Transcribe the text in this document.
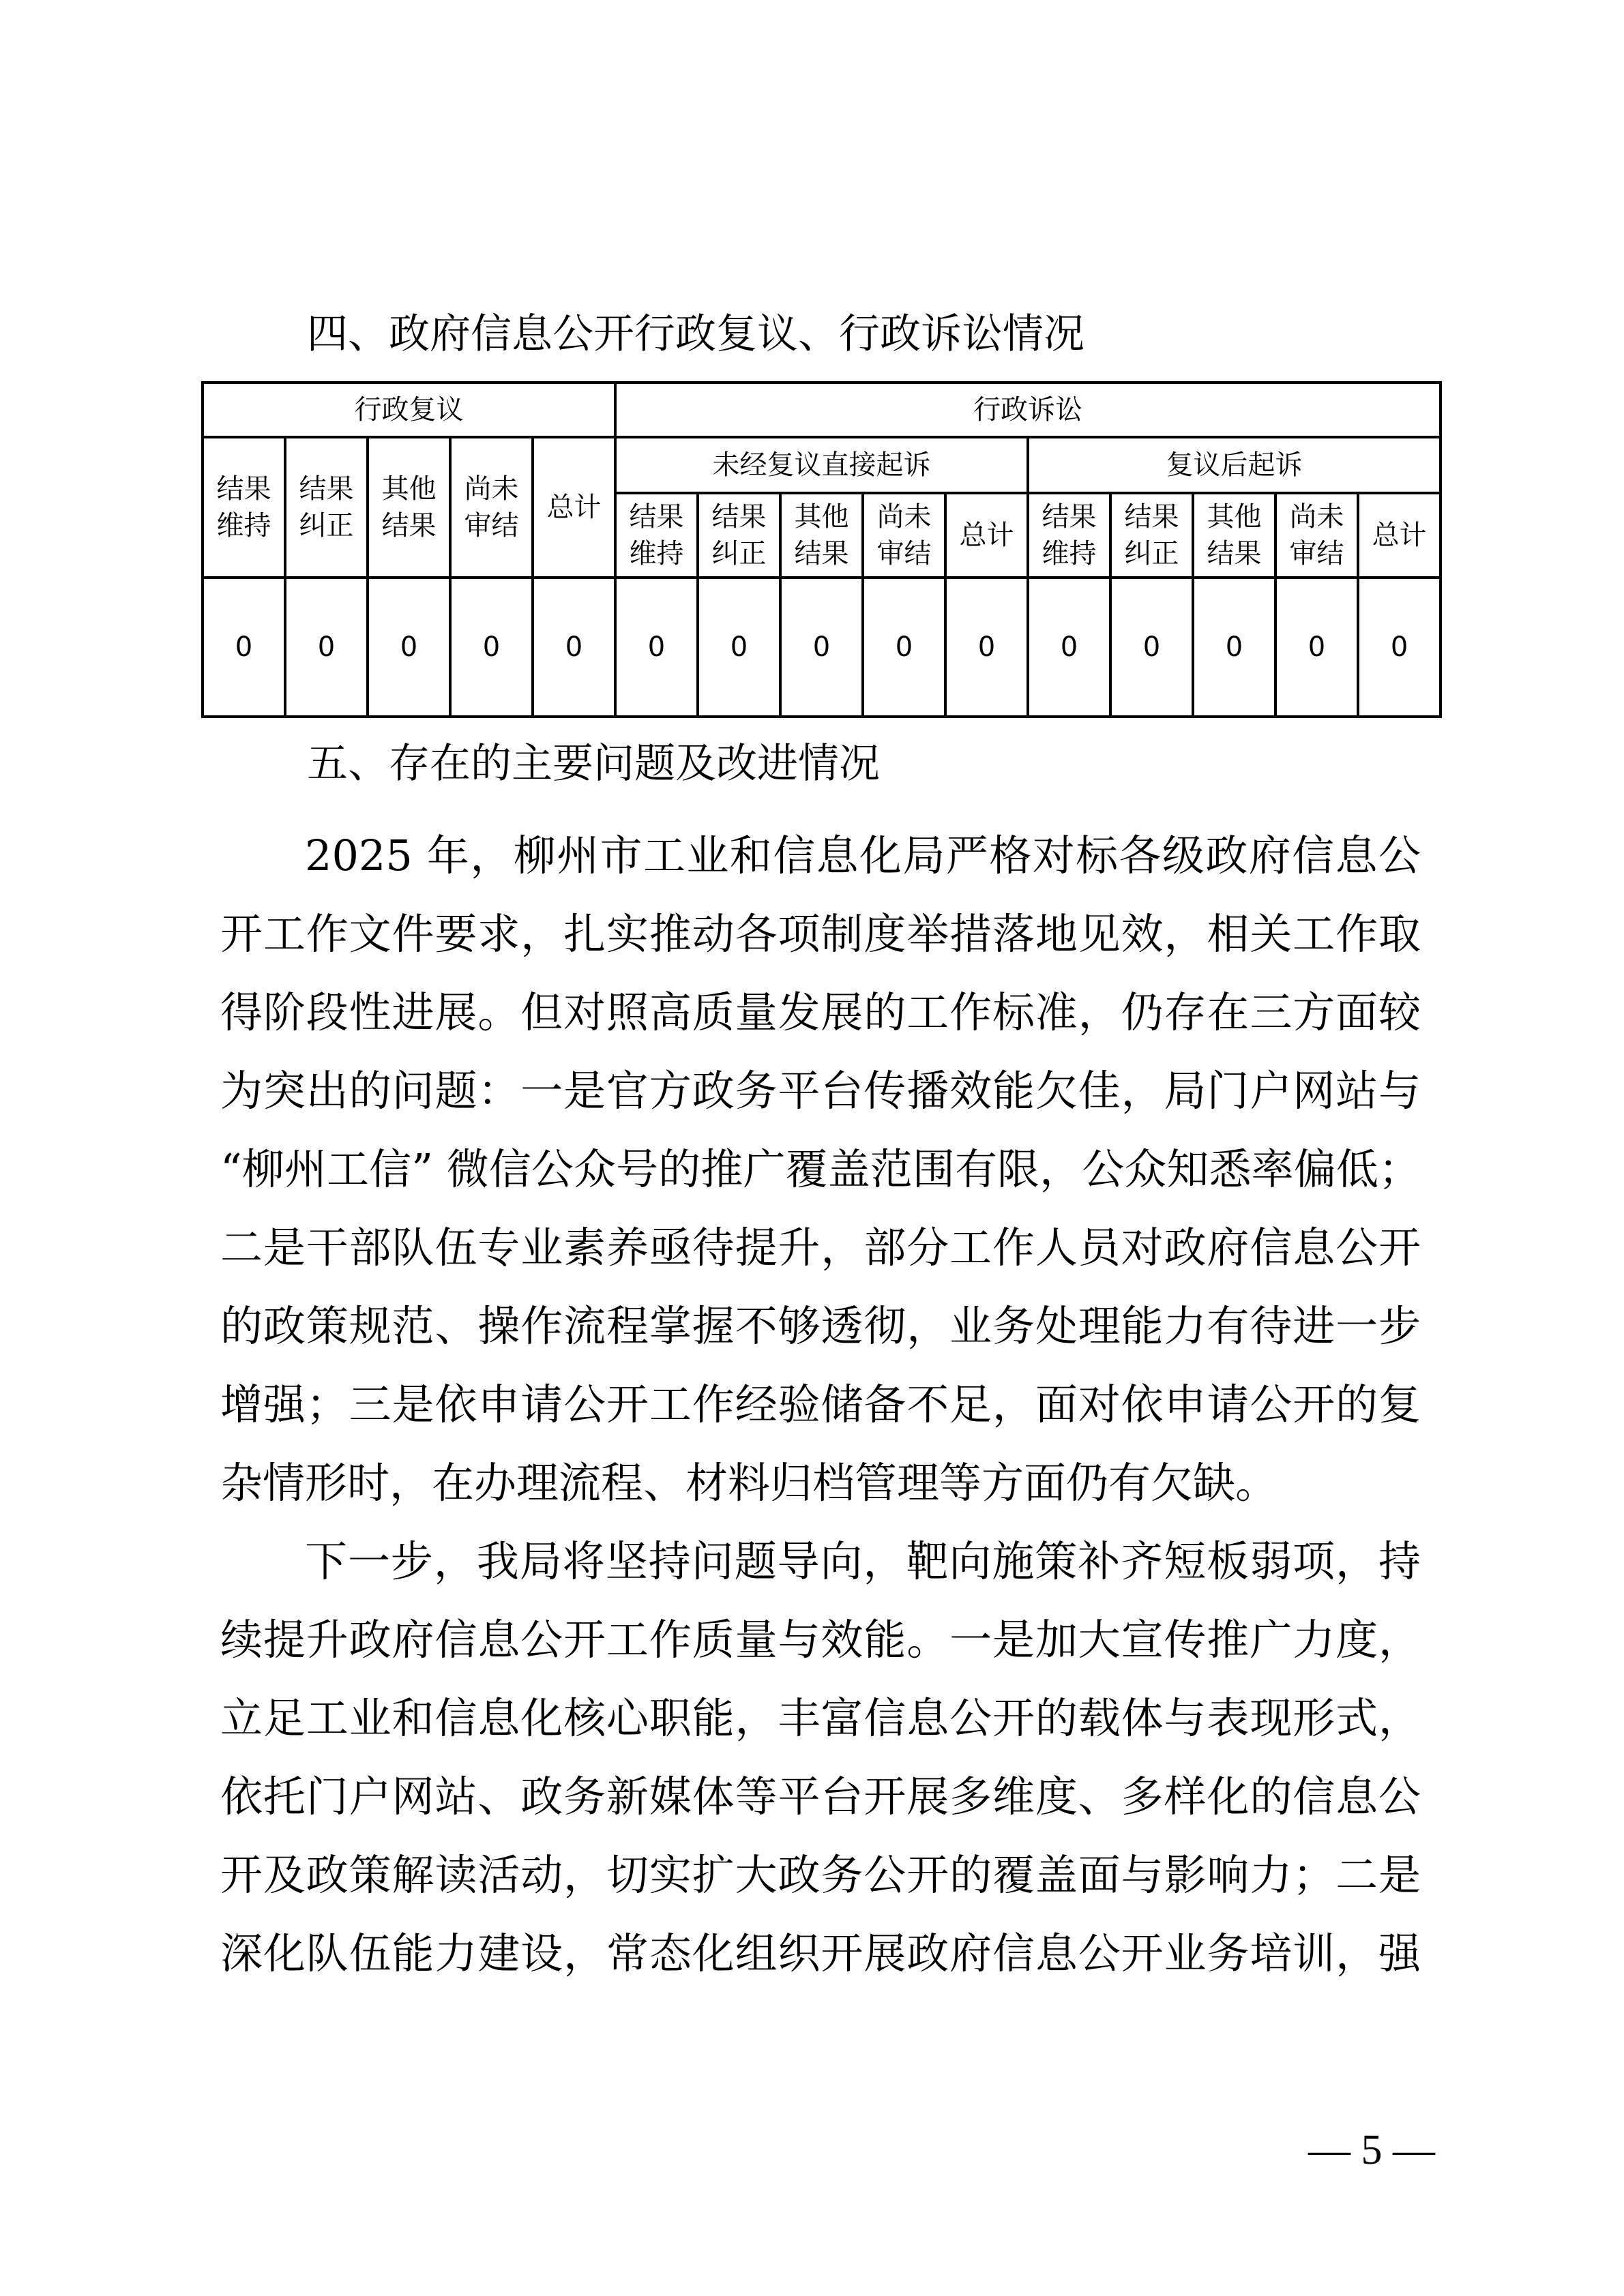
四、政府信息公开行政复议、行政诉讼情况
行政复议					行政诉讼									
结果维持	结果纠正	其他结果	尚未审结	总计	未经复议直接起诉					复议后起诉				
					结果维持	结果纠正	其他结果	尚未审结	总计	结果维持	结果纠正	其他结果	尚未审结	总计
0	0	0	0	0	0	0	0	0	0	0	0	0	0	0
五、存在的主要问题及改进情况
2025 年，柳州市工业和信息化局严格对标各级政府信息公
开工作文件要求，扎实推动各项制度举措落地见效，相关工作取
得阶段性进展。但对照高质量发展的工作标准，仍存在三方面较
为突出的问题：一是官方政务平台传播效能欠佳，局门户网站与
“柳州工信” 微信公众号的推广覆盖范围有限，公众知悉率偏低；
二是干部队伍专业素养亟待提升，部分工作人员对政府信息公开
的政策规范、操作流程掌握不够透彻，业务处理能力有待进一步
增强；三是依申请公开工作经验储备不足，面对依申请公开的复
杂情形时，在办理流程、材料归档管理等方面仍有欠缺。
下一步，我局将坚持问题导向，靶向施策补齐短板弱项，持
续提升政府信息公开工作质量与效能。一是加大宣传推广力度，
立足工业和信息化核心职能，丰富信息公开的载体与表现形式，
依托门户网站、政务新媒体等平台开展多维度、多样化的信息公
开及政策解读活动，切实扩大政务公开的覆盖面与影响力；二是
深化队伍能力建设，常态化组织开展政府信息公开业务培训，强
— 5 —
